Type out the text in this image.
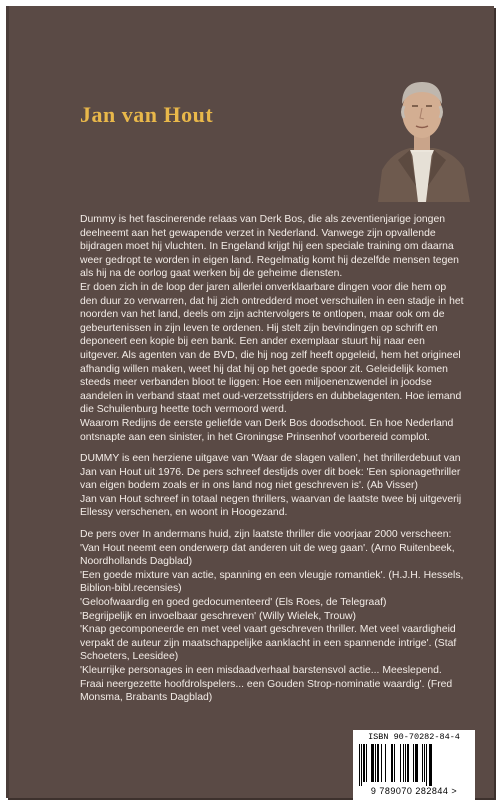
Jan van Hout

Dummy is het fascinerende relaas van Derk Bos, die als zeventienjarige jongen deelneemt aan het gewapende verzet in Nederland. Vanwege zijn opvallende bijdragen moet hij vluchten. In Engeland krijgt hij een speciale training om daarna weer gedropt te worden in eigen land. Regelmatig komt hij dezelfde mensen tegen als hij na de oorlog gaat werken bij de geheime diensten.

Er doen zich in de loop der jaren allerlei onverklaarbare dingen voor die hem op den duur zo verwarren, dat hij zich ontredderd moet verschuilen in een stadje in het noorden van het land, deels om zijn achtervolgers te ontlopen, maar ook om de gebeurtenissen in zijn leven te ordenen. Hij stelt zijn bevindingen op schrift en deponeert een kopie bij een bank. Een ander exemplaar stuurt hij naar een uitgever. Als agenten van de BVD, die hij nog zelf heeft opgeleid, hem het origineel afhandig willen maken, weet hij dat hij op het goede spoor zit. Geleidelijk komen steeds meer verbanden bloot te liggen: Hoe een miljoenenzwendel in joodse aandelen in verband staat met oud-verzetsstrijders en dubbelagenten. Hoe iemand die Schuilenburg heette toch vermoord werd.

Waarom Redijns de eerste geliefde van Derk Bos doodschoot. En hoe Nederland ontsnapte aan een sinister, in het Groningse Prinsenhof voorbereid complot.

DUMMY is een herziene uitgave van 'Waar de slagen vallen', het thrillerdebuut van Jan van Hout uit 1976. De pers schreef destijds over dit boek: 'Een spionagethriller van eigen bodem zoals er in ons land nog niet geschreven is'. (Ab Visser)

Jan van Hout schreef in totaal negen thrillers, waarvan de laatste twee bij uitgeverij Ellessy verschenen, en woont in Hoogezand.

De pers over In andermans huid, zijn laatste thriller die voorjaar 2000 verscheen: 'Van Hout neemt een onderwerp dat anderen uit de weg gaan'. (Arno Ruitenbeek, Noordhollands Dagblad)

'Een goede mixture van actie, spanning en een vleugje romantiek'. (H.J.H. Hessels, Biblion-bibl.recensies)

'Geloofwaardig en goed gedocumenteerd' (Els Roes, de Telegraaf)

'Begrijpelijk en invoelbaar geschreven' (Willy Wielek, Trouw)

'Knap gecomponeerde en met veel vaart geschreven thriller. Met veel vaardigheid verpakt de auteur zijn maatschappelijke aanklacht in een spannende intrige'. (Staf Schoeters, Leesidee)

'Kleurrijke personages in een misdaadverhaal barstensvol actie... Meeslepend. Fraai neergezette hoofdrolspelers... een Gouden Strop-nominatie waardig'. (Fred Monsma, Brabants Dagblad)

ISBN 90-70282-84-4
9 789070 282844 >
